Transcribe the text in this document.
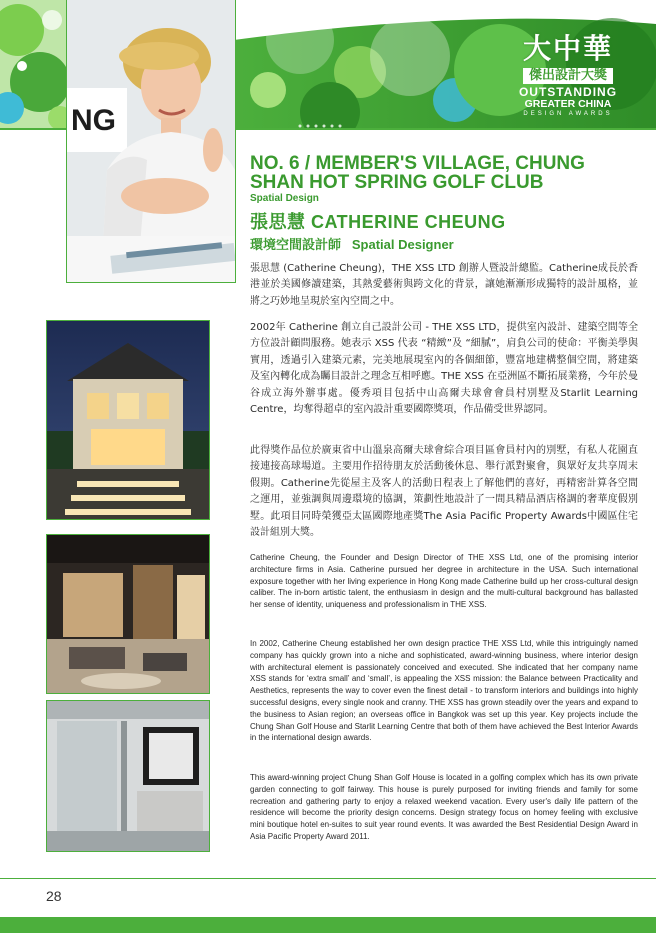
大中華
傑出設計大獎
OUTSTANDING
GREATER CHINA
DESIGN AWARDS
NG
NO. 6 / MEMBER'S VILLAGE, CHUNG SHAN HOT SPRING GOLF CLUB
Spatial Design
張思慧 CATHERINE CHEUNG
環境空間設計師 Spatial Designer

張思慧 (Catherine Cheung)，THE XSS LTD 創辦人暨設計總監。Catherine成長於香港並於美國修讀建築，其熱愛藝術與跨文化的背景，讓她漸漸形成獨特的設計風格，並將之巧妙地呈現於室內空間之中。

2002年 Catherine 創立自己設計公司 - THE XSS LTD，提供室內設計、建築空間等全方位設計顧問服務。她表示 XSS 代表 “精緻”及 “細膩”，肩負公司的使命：平衡美學與實用，透過引入建築元素，完美地展現室內的各個細節，豐富地建構整個空間，將建築及室內轉化成為矚目設計之理念互相呼應。THE XSS 在亞洲區不斷拓展業務，今年於曼谷成立海外辦事處。優秀項目包括中山高爾夫球會會員村別墅及Starlit Learning Centre，均奪得超卓的室內設計重要國際獎項，作品備受世界認同。

此得獎作品位於廣東省中山溫泉高爾夫球會綜合項目區會員村內的別墅，有私人花園直接連接高球場道。主要用作招待朋友於活動後休息、舉行派對聚會，與眾好友共享周末假期。Catherine先從屋主及客人的活動日程表上了解他們的喜好，再精密計算各空間之運用，並強調與周邊環境的協調，策劃性地設計了一間具精品酒店格調的奢華度假別墅。此項目同時榮獲亞太區國際地產獎The Asia Pacific Property Awards中國區住宅設計組別大獎。

Catherine Cheung, the Founder and Design Director of THE XSS Ltd, one of the promising interior architecture firms in Asia. Catherine pursued her degree in architecture in the USA. Such international exposure together with her living experience in Hong Kong made Catherine build up her cross-cultural design caliber. The in-born artistic talent, the enthusiasm in design and the multi-cultural background has ballasted her sense of identity, uniqueness and professionalism in THE XSS.

In 2002, Catherine Cheung established her own design practice THE XSS Ltd, while this intriguingly named company has quickly grown into a niche and sophisticated, award-winning business, where interior design with architectural element is passionately conceived and executed. She indicated that her company name XSS stands for ‘extra small’ and ‘small’, is appealing the XSS mission: the Balance between Practicality and Aesthetics, represents the way to cover even the finest detail - to transform interiors and buildings into highly successful designs, every single nook and cranny. THE XSS has grown steadily over the years and expand to the business to Asian region; an overseas office in Bangkok was set up this year. Key projects include the Chung Shan Golf House and Starlit Learning Centre that both of them have achieved the Best Interior Awards in the international design awards.

This award-winning project Chung Shan Golf House is located in a golfing complex which has its own private garden connecting to golf fairway. This house is purely purposed for inviting friends and family for some recreation and gathering party to enjoy a relaxed weekend vacation. Every user's daily life pattern of the residence will become the priority design concerns. Design strategy focus on homey feeling with exclusive mini boutique hotel en-suites to suit year round events. It was awarded the Best Residential Design Award in Asia Pacific Property Award 2011.

28
